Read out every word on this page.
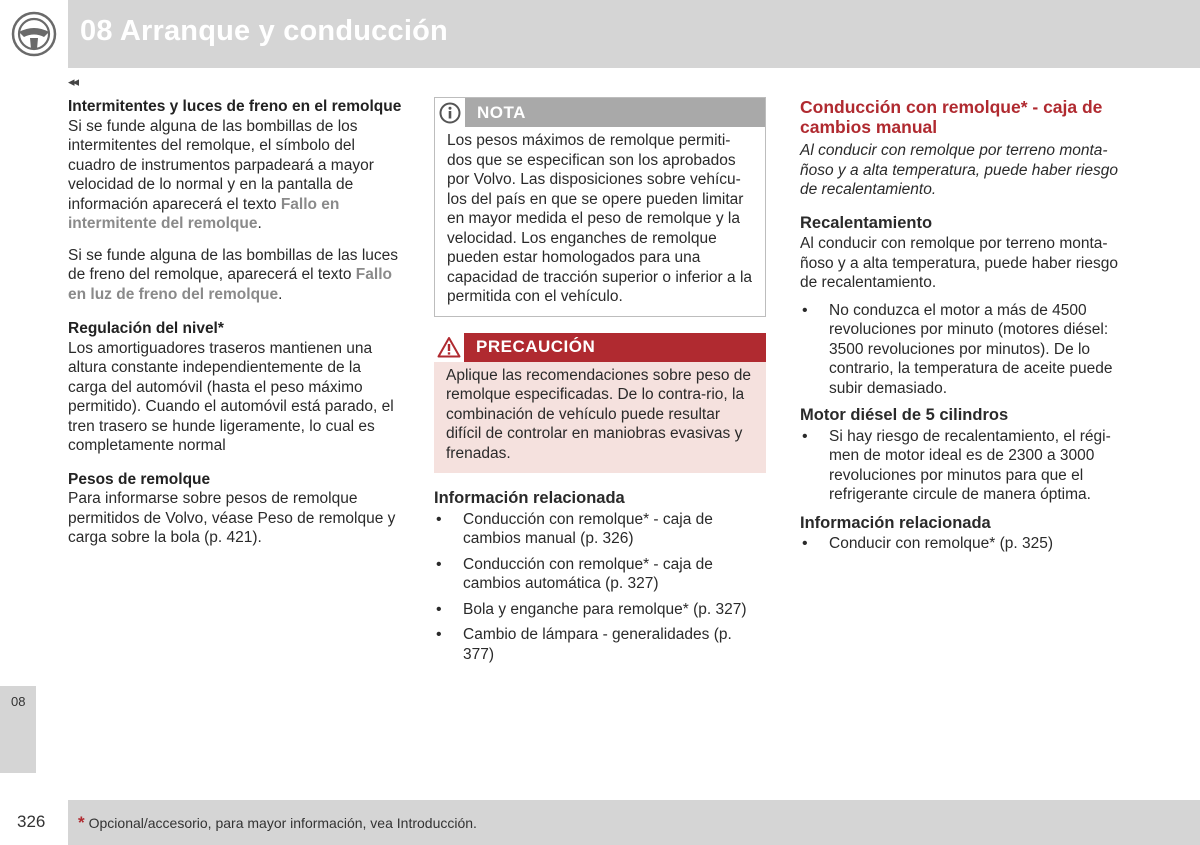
08 Arranque y conducción
◂◂
Intermitentes y luces de freno en el remolque
Si se funde alguna de las bombillas de los intermitentes del remolque, el símbolo del cuadro de instrumentos parpadeará a mayor velocidad de lo normal y en la pantalla de información aparecerá el texto Fallo en intermitente del remolque.
Si se funde alguna de las bombillas de las luces de freno del remolque, aparecerá el texto Fallo en luz de freno del remolque.
Regulación del nivel*
Los amortiguadores traseros mantienen una altura constante independientemente de la carga del automóvil (hasta el peso máximo permitido). Cuando el automóvil está parado, el tren trasero se hunde ligeramente, lo cual es completamente normal
Pesos de remolque
Para informarse sobre pesos de remolque permitidos de Volvo, véase Peso de remolque y carga sobre la bola (p. 421).
NOTA
Los pesos máximos de remolque permiti-dos que se especifican son los aprobados por Volvo. Las disposiciones sobre vehícu-los del país en que se opere pueden limitar en mayor medida el peso de remolque y la velocidad. Los enganches de remolque pueden estar homologados para una capacidad de tracción superior o inferior a la permitida con el vehículo.
PRECAUCIÓN
Aplique las recomendaciones sobre peso de remolque especificadas. De lo contra-rio, la combinación de vehículo puede resultar difícil de controlar en maniobras evasivas y frenadas.
Información relacionada
• Conducción con remolque* - caja de cambios manual (p. 326)
• Conducción con remolque* - caja de cambios automática (p. 327)
• Bola y enganche para remolque* (p. 327)
• Cambio de lámpara - generalidades (p. 377)
Conducción con remolque* - caja de cambios manual
Al conducir con remolque por terreno monta-ñoso y a alta temperatura, puede haber riesgo de recalentamiento.
Recalentamiento
Al conducir con remolque por terreno monta-ñoso y a alta temperatura, puede haber riesgo de recalentamiento.
• No conduzca el motor a más de 4500 revoluciones por minuto (motores diésel: 3500 revoluciones por minutos). De lo contrario, la temperatura de aceite puede subir demasiado.
Motor diésel de 5 cilindros
• Si hay riesgo de recalentamiento, el régi-men de motor ideal es de 2300 a 3000 revoluciones por minutos para que el refrigerante circule de manera óptima.
Información relacionada
• Conducir con remolque* (p. 325)
08
326 * Opcional/accesorio, para mayor información, vea Introducción.
